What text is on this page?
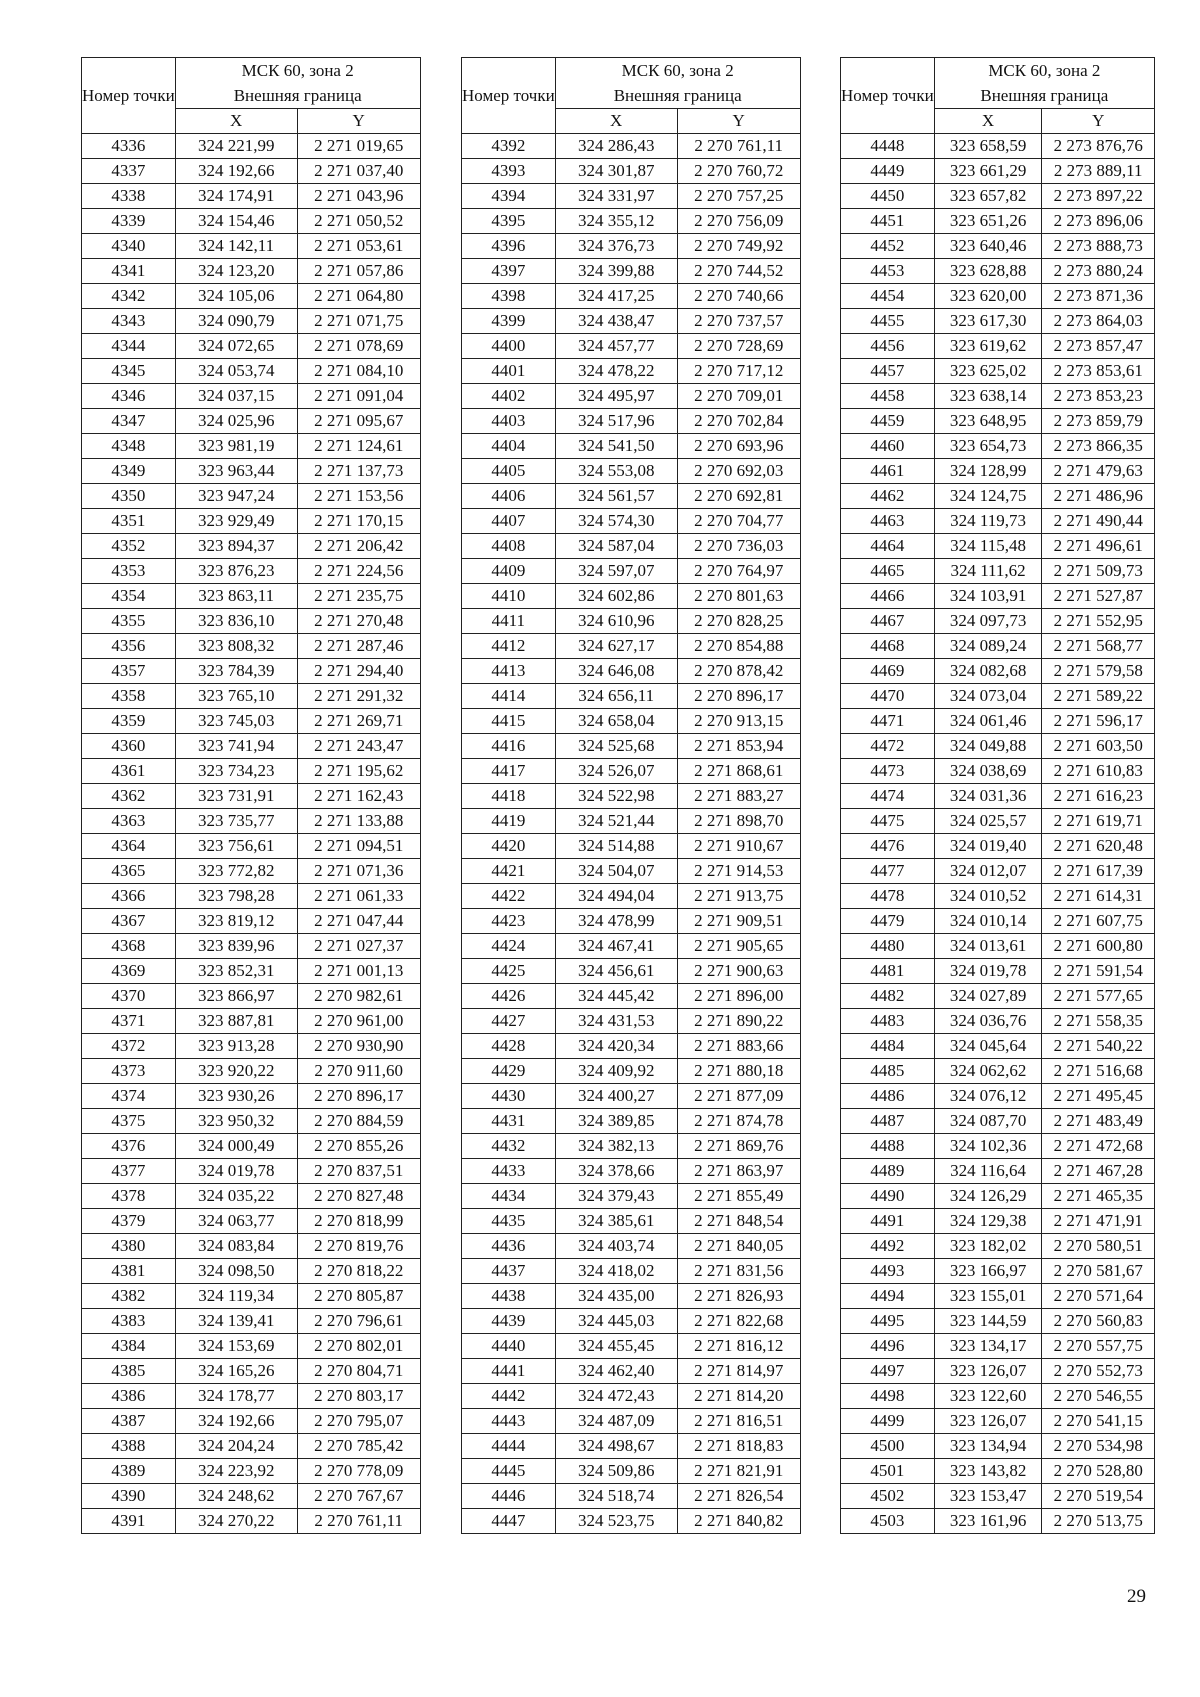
Номер точки	МСК 60, зона 2
Внешняя граница	

	X	Y
4336	324 221,99	2 271 019,65
4337	324 192,66	2 271 037,40
4338	324 174,91	2 271 043,96
4339	324 154,46	2 271 050,52
4340	324 142,11	2 271 053,61
4341	324 123,20	2 271 057,86
4342	324 105,06	2 271 064,80
4343	324 090,79	2 271 071,75
4344	324 072,65	2 271 078,69
4345	324 053,74	2 271 084,10
4346	324 037,15	2 271 091,04
4347	324 025,96	2 271 095,67
4348	323 981,19	2 271 124,61
4349	323 963,44	2 271 137,73
4350	323 947,24	2 271 153,56
4351	323 929,49	2 271 170,15
4352	323 894,37	2 271 206,42
4353	323 876,23	2 271 224,56
4354	323 863,11	2 271 235,75
4355	323 836,10	2 271 270,48
4356	323 808,32	2 271 287,46
4357	323 784,39	2 271 294,40
4358	323 765,10	2 271 291,32
4359	323 745,03	2 271 269,71
4360	323 741,94	2 271 243,47
4361	323 734,23	2 271 195,62
4362	323 731,91	2 271 162,43
4363	323 735,77	2 271 133,88
4364	323 756,61	2 271 094,51
4365	323 772,82	2 271 071,36
4366	323 798,28	2 271 061,33
4367	323 819,12	2 271 047,44
4368	323 839,96	2 271 027,37
4369	323 852,31	2 271 001,13
4370	323 866,97	2 270 982,61
4371	323 887,81	2 270 961,00
4372	323 913,28	2 270 930,90
4373	323 920,22	2 270 911,60
4374	323 930,26	2 270 896,17
4375	323 950,32	2 270 884,59
4376	324 000,49	2 270 855,26
4377	324 019,78	2 270 837,51
4378	324 035,22	2 270 827,48
4379	324 063,77	2 270 818,99
4380	324 083,84	2 270 819,76
4381	324 098,50	2 270 818,22
4382	324 119,34	2 270 805,87
4383	324 139,41	2 270 796,61
4384	324 153,69	2 270 802,01
4385	324 165,26	2 270 804,71
4386	324 178,77	2 270 803,17
4387	324 192,66	2 270 795,07
4388	324 204,24	2 270 785,42
4389	324 223,92	2 270 778,09
4390	324 248,62	2 270 767,67
4391	324 270,22	2 270 761,11
Номер точки	МСК 60, зона 2
Внешняя граница	

	X	Y
4392	324 286,43	2 270 761,11
4393	324 301,87	2 270 760,72
4394	324 331,97	2 270 757,25
4395	324 355,12	2 270 756,09
4396	324 376,73	2 270 749,92
4397	324 399,88	2 270 744,52
4398	324 417,25	2 270 740,66
4399	324 438,47	2 270 737,57
4400	324 457,77	2 270 728,69
4401	324 478,22	2 270 717,12
4402	324 495,97	2 270 709,01
4403	324 517,96	2 270 702,84
4404	324 541,50	2 270 693,96
4405	324 553,08	2 270 692,03
4406	324 561,57	2 270 692,81
4407	324 574,30	2 270 704,77
4408	324 587,04	2 270 736,03
4409	324 597,07	2 270 764,97
4410	324 602,86	2 270 801,63
4411	324 610,96	2 270 828,25
4412	324 627,17	2 270 854,88
4413	324 646,08	2 270 878,42
4414	324 656,11	2 270 896,17
4415	324 658,04	2 270 913,15
4416	324 525,68	2 271 853,94
4417	324 526,07	2 271 868,61
4418	324 522,98	2 271 883,27
4419	324 521,44	2 271 898,70
4420	324 514,88	2 271 910,67
4421	324 504,07	2 271 914,53
4422	324 494,04	2 271 913,75
4423	324 478,99	2 271 909,51
4424	324 467,41	2 271 905,65
4425	324 456,61	2 271 900,63
4426	324 445,42	2 271 896,00
4427	324 431,53	2 271 890,22
4428	324 420,34	2 271 883,66
4429	324 409,92	2 271 880,18
4430	324 400,27	2 271 877,09
4431	324 389,85	2 271 874,78
4432	324 382,13	2 271 869,76
4433	324 378,66	2 271 863,97
4434	324 379,43	2 271 855,49
4435	324 385,61	2 271 848,54
4436	324 403,74	2 271 840,05
4437	324 418,02	2 271 831,56
4438	324 435,00	2 271 826,93
4439	324 445,03	2 271 822,68
4440	324 455,45	2 271 816,12
4441	324 462,40	2 271 814,97
4442	324 472,43	2 271 814,20
4443	324 487,09	2 271 816,51
4444	324 498,67	2 271 818,83
4445	324 509,86	2 271 821,91
4446	324 518,74	2 271 826,54
4447	324 523,75	2 271 840,82
Номер точки	МСК 60, зона 2
Внешняя граница	

	X	Y
4448	323 658,59	2 273 876,76
4449	323 661,29	2 273 889,11
4450	323 657,82	2 273 897,22
4451	323 651,26	2 273 896,06
4452	323 640,46	2 273 888,73
4453	323 628,88	2 273 880,24
4454	323 620,00	2 273 871,36
4455	323 617,30	2 273 864,03
4456	323 619,62	2 273 857,47
4457	323 625,02	2 273 853,61
4458	323 638,14	2 273 853,23
4459	323 648,95	2 273 859,79
4460	323 654,73	2 273 866,35
4461	324 128,99	2 271 479,63
4462	324 124,75	2 271 486,96
4463	324 119,73	2 271 490,44
4464	324 115,48	2 271 496,61
4465	324 111,62	2 271 509,73
4466	324 103,91	2 271 527,87
4467	324 097,73	2 271 552,95
4468	324 089,24	2 271 568,77
4469	324 082,68	2 271 579,58
4470	324 073,04	2 271 589,22
4471	324 061,46	2 271 596,17
4472	324 049,88	2 271 603,50
4473	324 038,69	2 271 610,83
4474	324 031,36	2 271 616,23
4475	324 025,57	2 271 619,71
4476	324 019,40	2 271 620,48
4477	324 012,07	2 271 617,39
4478	324 010,52	2 271 614,31
4479	324 010,14	2 271 607,75
4480	324 013,61	2 271 600,80
4481	324 019,78	2 271 591,54
4482	324 027,89	2 271 577,65
4483	324 036,76	2 271 558,35
4484	324 045,64	2 271 540,22
4485	324 062,62	2 271 516,68
4486	324 076,12	2 271 495,45
4487	324 087,70	2 271 483,49
4488	324 102,36	2 271 472,68
4489	324 116,64	2 271 467,28
4490	324 126,29	2 271 465,35
4491	324 129,38	2 271 471,91
4492	323 182,02	2 270 580,51
4493	323 166,97	2 270 581,67
4494	323 155,01	2 270 571,64
4495	323 144,59	2 270 560,83
4496	323 134,17	2 270 557,75
4497	323 126,07	2 270 552,73
4498	323 122,60	2 270 546,55
4499	323 126,07	2 270 541,15
4500	323 134,94	2 270 534,98
4501	323 143,82	2 270 528,80
4502	323 153,47	2 270 519,54
4503	323 161,96	2 270 513,75
29
